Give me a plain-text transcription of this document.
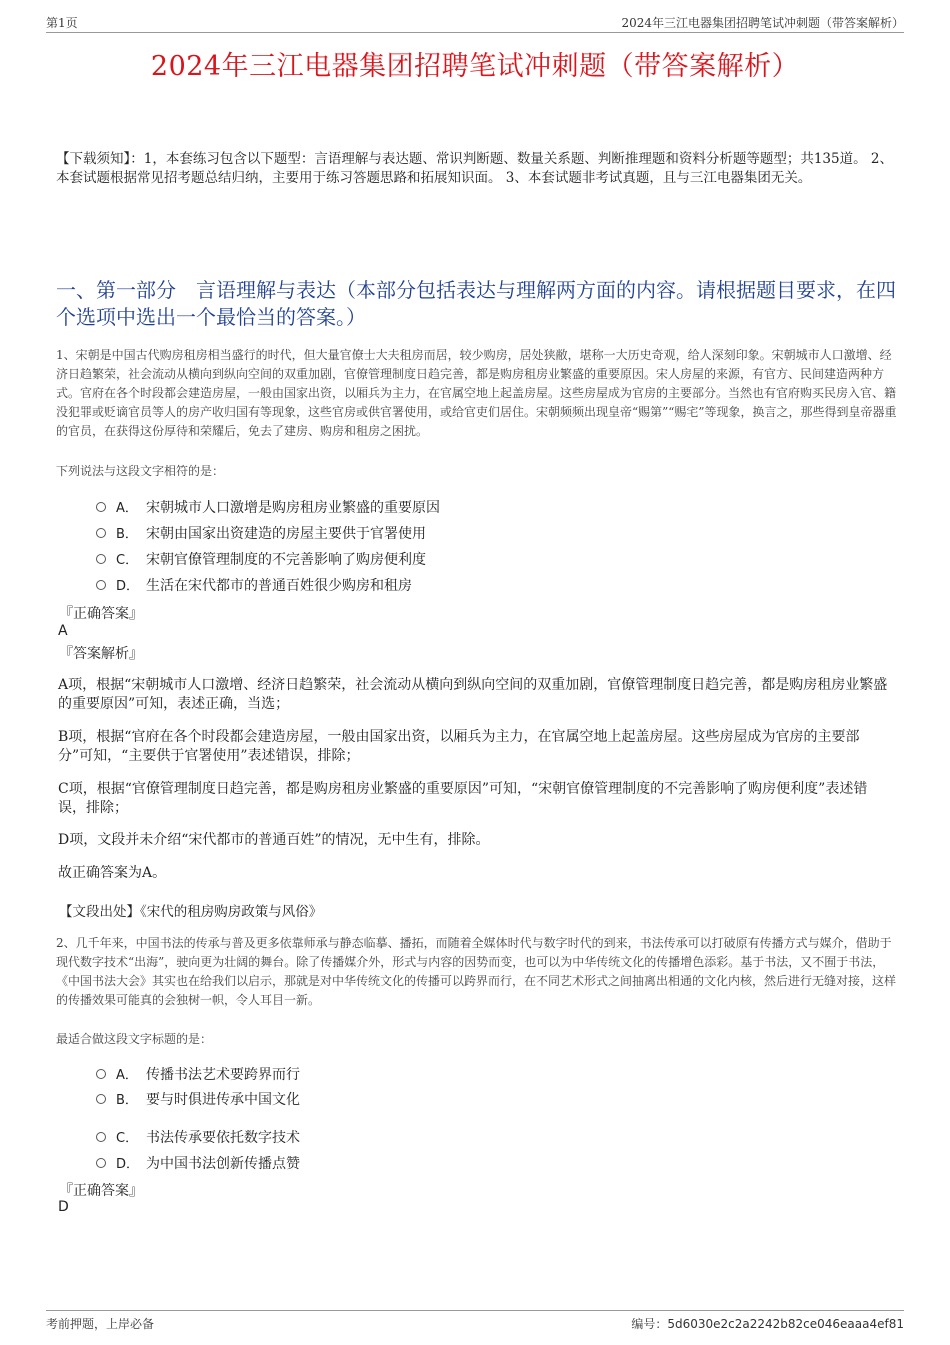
第1页	2024年三江电器集团招聘笔试冲刺题（带答案解析）
2024年三江电器集团招聘笔试冲刺题（带答案解析）
【下载须知】：1，本套练习包含以下题型：言语理解与表达题、常识判断题、数量关系题、判断推理题和资料分析题等题型；共135道。 2、本套试题根据常见招考题总结归纳，主要用于练习答题思路和拓展知识面。 3、本套试题非考试真题，且与三江电器集团无关。
一、第一部分　言语理解与表达（本部分包括表达与理解两方面的内容。请根据题目要求，在四个选项中选出一个最恰当的答案。）
1、宋朝是中国古代购房租房相当盛行的时代，但大量官僚士大夫租房而居，较少购房，居处狭敝，堪称一大历史奇观，给人深刻印象。宋朝城市人口激增、经济日趋繁荣，社会流动从横向到纵向空间的双重加剧，官僚管理制度日趋完善，都是购房租房业繁盛的重要原因。宋人房屋的来源，有官方、民间建造两种方式。官府在各个时段都会建造房屋，一般由国家出资，以厢兵为主力，在官属空地上起盖房屋。这些房屋成为官房的主要部分。当然也有官府购买民房入官、籍没犯罪或贬谪官员等人的房产收归国有等现象，这些官房或供官署使用，或给官吏们居住。宋朝频频出现皇帝“赐第”“赐宅”等现象，换言之，那些得到皇帝器重的官员，在获得这份厚待和荣耀后，免去了建房、购房和租房之困扰。
下列说法与这段文字相符的是：
A． 宋朝城市人口激增是购房租房业繁盛的重要原因
B． 宋朝由国家出资建造的房屋主要供于官署使用
C． 宋朝官僚管理制度的不完善影响了购房便利度
D． 生活在宋代都市的普通百姓很少购房和租房
『正确答案』
A
『答案解析』
A项，根据“宋朝城市人口激增、经济日趋繁荣，社会流动从横向到纵向空间的双重加剧，官僚管理制度日趋完善，都是购房租房业繁盛的重要原因”可知，表述正确，当选；
B项，根据“官府在各个时段都会建造房屋，一般由国家出资，以厢兵为主力，在官属空地上起盖房屋。这些房屋成为官房的主要部分”可知，“主要供于官署使用”表述错误，排除；
C项，根据“官僚管理制度日趋完善，都是购房租房业繁盛的重要原因”可知，“宋朝官僚管理制度的不完善影响了购房便利度”表述错误，排除；
D项，文段并未介绍“宋代都市的普通百姓”的情况，无中生有，排除。
故正确答案为A。
【文段出处】《宋代的租房购房政策与风俗》
2、几千年来，中国书法的传承与普及更多依靠师承与静态临摹、播拓，而随着全媒体时代与数字时代的到来，书法传承可以打破原有传播方式与媒介，借助于现代数字技术“出海”，驶向更为壮阔的舞台。除了传播媒介外，形式与内容的因势而变，也可以为中华传统文化的传播增色添彩。基于书法，又不囿于书法，《中国书法大会》其实也在给我们以启示，那就是对中华传统文化的传播可以跨界而行，在不同艺术形式之间抽离出相通的文化内核，然后进行无缝对接，这样的传播效果可能真的会独树一帜，令人耳目一新。
最适合做这段文字标题的是：
A． 传播书法艺术要跨界而行
B． 要与时俱进传承中国文化
C． 书法传承要依托数字技术
D． 为中国书法创新传播点赞
『正确答案』
D
考前押题，上岸必备	编号：5d6030e2c2a2242b82ce046eaaa4ef81
